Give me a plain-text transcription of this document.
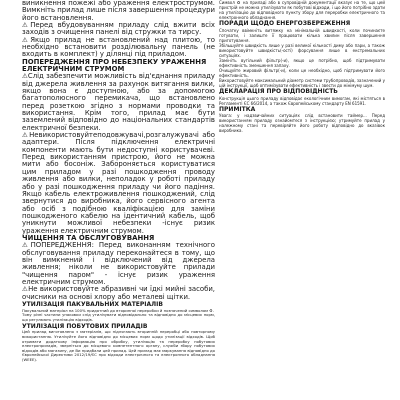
виникнення пожежі або ураження електрострумом. Вимкніть прилад лише після завершення процедури його встановлення.

⚠Перед вбудовуванням приладу слід вжити всіх заходів з очищення панелі від стружки та тирсу.

⚠Якщо прилад не встановлений над плитою, то необхідно встановити розділювальну панель (не входить в комплект) у ділянці під приладом.

ПОПЕРЕДЖЕННЯ ПРО НЕБЕЗПЕКУ УРАЖЕННЯ ЕЛЕКТРИЧНИМ СТРУМОМ

⚠Слід забезпечити можливість від'єднання приладу від джерела живлення за рахунок витягання вилки, якщо вона є доступною, або за допомогою багатополюсного перемикача, що встановлено перед розеткою згідно з нормами проводки та використання. Крім того, прилад має бути заземлений відповідно до національних стандартів електричної безпеки.

⚠Невикористовуйтеподовжувачі,розгалужувачі або адаптери. Після підключення електричні компоненти мають бути недоступні користувачеві. Перед використанням пристрою, його не можна мити або босоніж. Забороняється користуватися цим приладом у разі пошкодження проводу живлення або вилки, неполадок у роботі приладу або у разі пошкодження приладу чи його падіння. Якщо кабель електроживлення пошкоджений, слід звернутися до виробника, його сервісного агента або осіб з подібною кваліфікацією для заміни пошкодженого кабелю на ідентичний кабель, щоб уникнути можливої небезпеки -існує ризик ураження електричним струмом.

ЧИЩЕННЯ ТА ОБСЛУГОВУВАННЯ

⚠ПОПЕРЕДЖЕННЯ: Перед виконанням технічного обслуговування приладу переконайтеся в тому, що він вимкнений і відключений від джерела живлення; ніколи не використовуйте прилади "чищення паром" - існує ризик ураження електричним струмом.

⚠Не використовуйте абразивні чи їдкі мийні засоби, очисники на основі хлору або металеві щітки.

УТИЛІЗАЦІЯ ПАКУВАЛЬНИХ МАТЕРІАЛІВ

Пакувальний матеріал на 100% придатний до вторинної переробки й позначений символом ♻.

Тому різні частини упаковки слід утилізувати відповідально та відповідно до місцевих норм, що регулюють утилізацію відходів.

УТИЛІЗАЦІЯ ПОБУТОВИХ ПРИЛАДІВ

Цей прилад виготовлено з матеріалів, що підлягають вторинній переробці або повторному використанню. Утилізуйте його відповідно до місцевих норм щодо утилізації відходів. Щоб отримати додаткову інформацію про обробку, утилізацію та переробку побутових електроприладів, зверніться до місцевого компетентного органу, служби збору побутових відходів або магазину, де Ви придбали цей прилад. Цей прилад має маркування відповідно до Європейської Директиви 2012/19/ЄС про відходи електричного та електронного обладнання (WEEE).

Символ ♻ на приладі або в супровідній документації вказує на те, що цей пристрій не можна утилізувати як побутові відходи, і що його потрібно здати на утилізацію до відповідного пункту збору для переробки електричного та електронного обладнання.

ПОРАДИ ЩОДО ЕНЕРГОЗБЕРЕЖЕННЯ

Спочатку ввімкніть витяжку на мінімальній швидкості, коли починаєте готувати, і залиште її працювати кілька хвилин після завершення приготування.

Збільшуйте швидкість лише у разі великої кількості диму або пари, а також використовуйте швидкість(-ості) форсування лише в екстремальних ситуаціях.

Замініть вугільний фільтр(-и), якщо це потрібно, щоб підтримувати ефективність зменшення запаху.

Очищуйте жировий фільтр(-и), коли це необхідно, щоб підтримувати його ефективність.

Використовуйте максимальний діаметр системи трубопроводів, зазначений у цій інструкції, щоб оптимізувати ефективність і звести до мінімуму шум.

ДЕКЛАРАЦІЯ ПРО ВІДПОВІДНІСТЬ

Конструкція цього приладу відповідає екологічним вимогам, які містяться в Регламенті ЄС 66/2014, а також Європейському стандарту EN 61591.

ПРИМІТКА

Увага: у надзвичайних ситуаціях слід встановити таймер... Перед використанням приладу ознайомтеся з інструкцією; утримуйте прилад у належному стані та перевіряйте його роботу відповідно до вказівок виробника.
